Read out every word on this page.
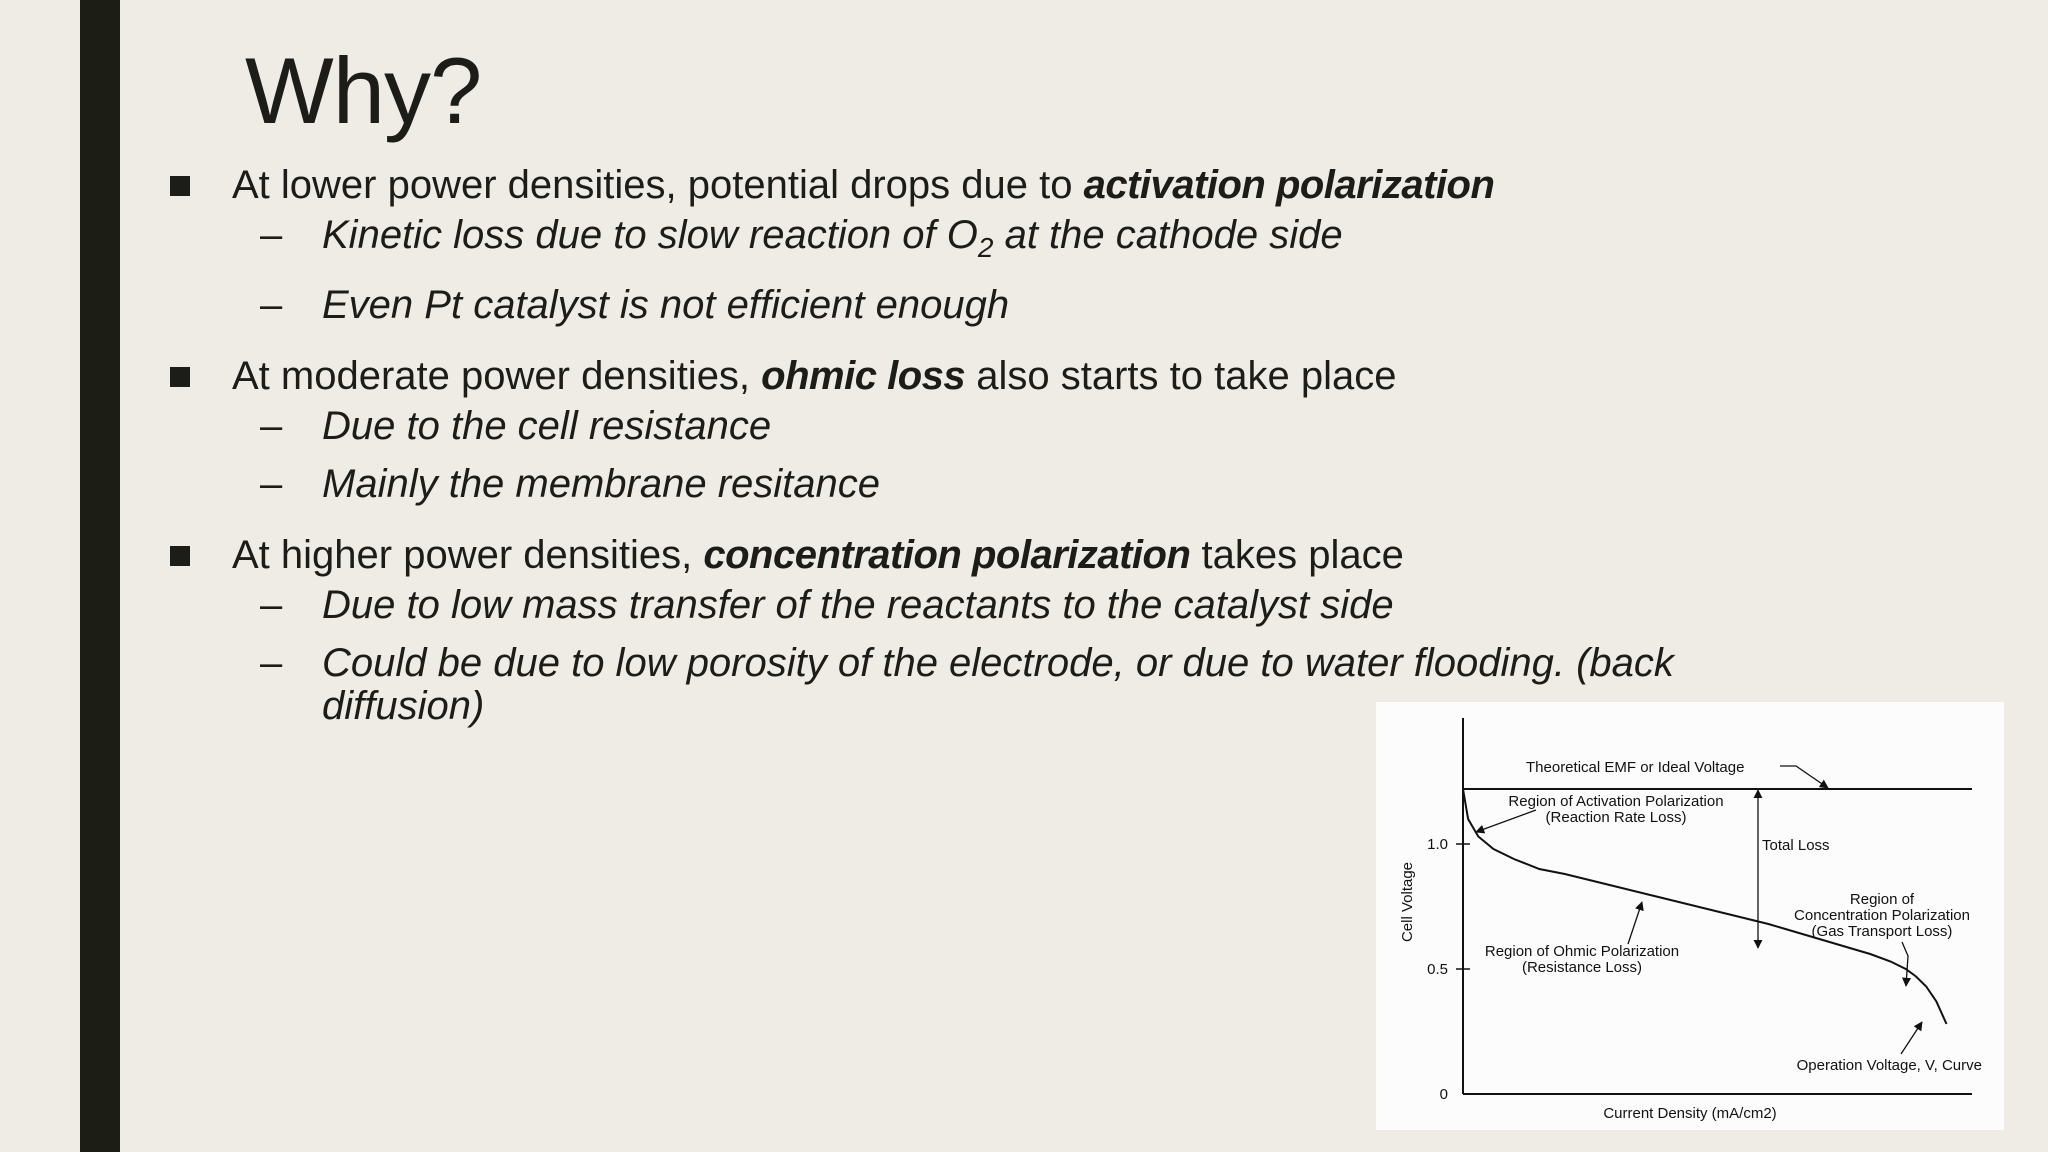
Why?
At lower power densities, potential drops due to activation polarization
– Kinetic loss due to slow reaction of $O_2$ at the cathode side
– Even Pt catalyst is not efficient enough
At moderate power densities, ohmic loss also starts to take place
– Due to the cell resistance
– Mainly the membrane resitance
At higher power densities, concentration polarization takes place
– Due to low mass transfer of the reactants to the catalyst side
– Could be due to low porosity of the electrode, or due to water flooding. (back diffusion)
1.0
0.5
0
Cell Voltage
Current Density (mA/cm2)
Theoretical EMF or Ideal Voltage
Region of Activation Polarization
(Reaction Rate Loss)
Total Loss
Region of
Concentration Polarization
(Gas Transport Loss)
Region of Ohmic Polarization
(Resistance Loss)
Operation Voltage, V, Curve
